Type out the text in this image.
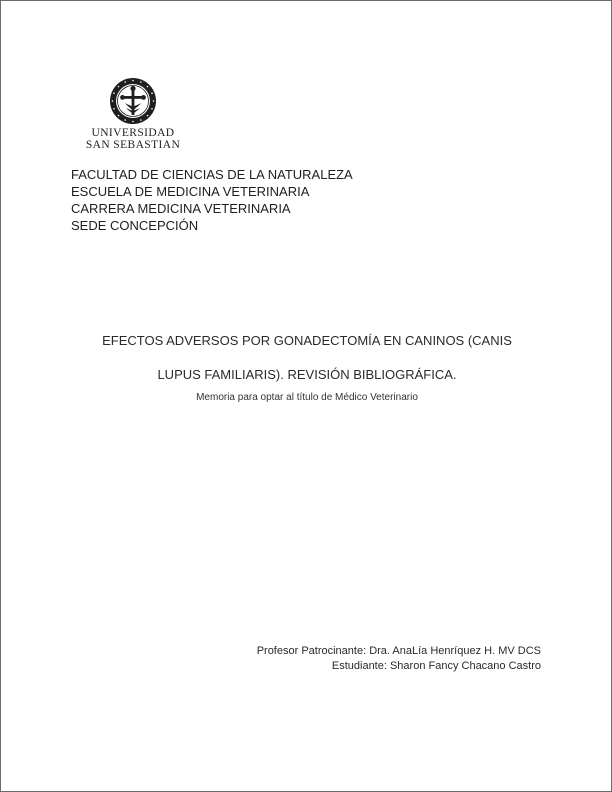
UNIVERSIDAD
SAN SEBASTIAN
FACULTAD DE CIENCIAS DE LA NATURALEZA
ESCUELA DE MEDICINA VETERINARIA
CARRERA MEDICINA VETERINARIA
SEDE CONCEPCIÓN
EFECTOS ADVERSOS POR GONADECTOMÍA EN CANINOS (CANIS
LUPUS FAMILIARIS). REVISIÓN BIBLIOGRÁFICA.
Memoria para optar al título de Médico Veterinario
Profesor Patrocinante: Dra. AnaLía Henríquez H. MV DCS
Estudiante: Sharon Fancy Chacano Castro
